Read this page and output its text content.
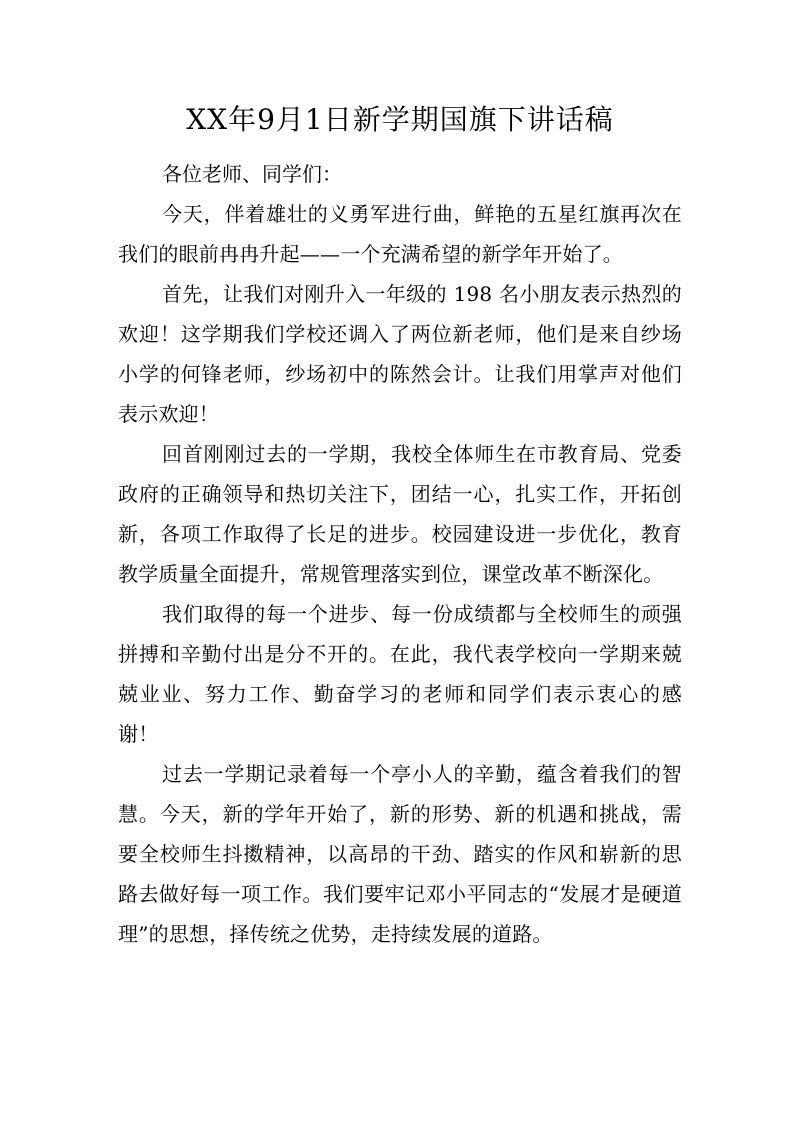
XX年9月1日新学期国旗下讲话稿

各位老师、同学们：

今天，伴着雄壮的义勇军进行曲，鲜艳的五星红旗再次在我们的眼前冉冉升起——一个充满希望的新学年开始了。

首先，让我们对刚升入一年级的 198 名小朋友表示热烈的欢迎！这学期我们学校还调入了两位新老师，他们是来自纱场小学的何锋老师，纱场初中的陈然会计。让我们用掌声对他们表示欢迎！

回首刚刚过去的一学期，我校全体师生在市教育局、党委政府的正确领导和热切关注下，团结一心，扎实工作，开拓创新，各项工作取得了长足的进步。校园建设进一步优化，教育教学质量全面提升，常规管理落实到位，课堂改革不断深化。

我们取得的每一个进步、每一份成绩都与全校师生的顽强拼搏和辛勤付出是分不开的。在此，我代表学校向一学期来兢兢业业、努力工作、勤奋学习的老师和同学们表示衷心的感谢！

过去一学期记录着每一个亭小人的辛勤，蕴含着我们的智慧。今天，新的学年开始了，新的形势、新的机遇和挑战，需要全校师生抖擞精神，以高昂的干劲、踏实的作风和崭新的思路去做好每一项工作。我们要牢记邓小平同志的“发展才是硬道理”的思想，择传统之优势，走持续发展的道路。
